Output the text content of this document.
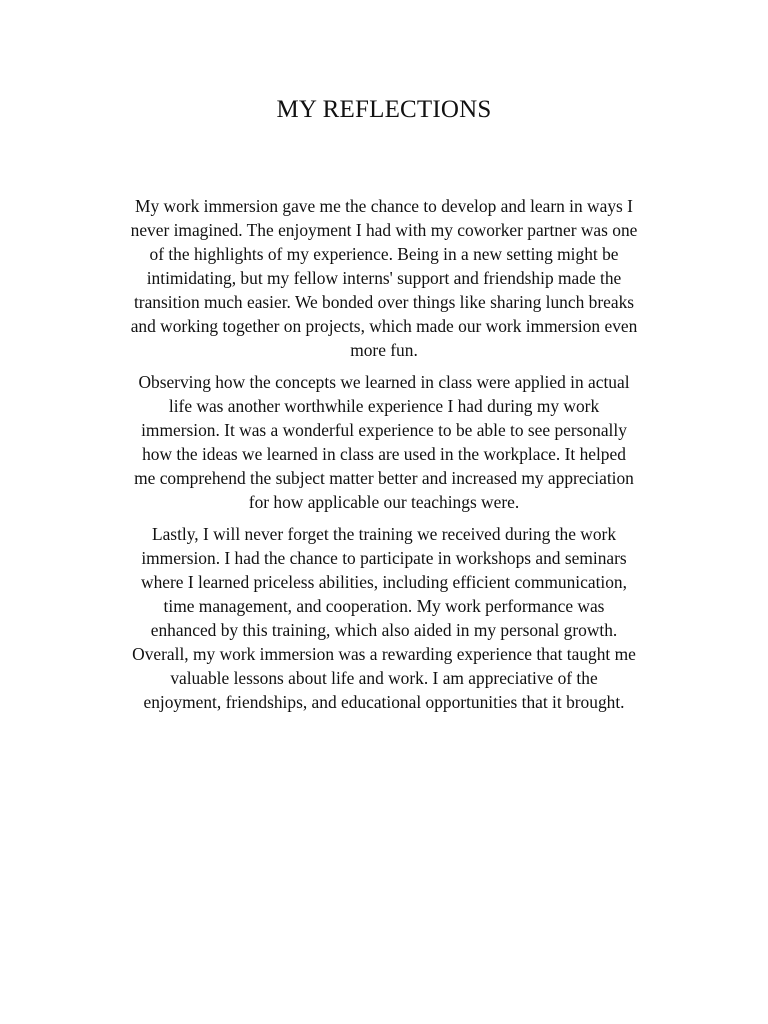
MY REFLECTIONS

My work immersion gave me the chance to develop and learn in ways I
never imagined. The enjoyment I had with my coworker partner was one
of the highlights of my experience. Being in a new setting might be
intimidating, but my fellow interns' support and friendship made the
transition much easier. We bonded over things like sharing lunch breaks
and working together on projects, which made our work immersion even
more fun.

Observing how the concepts we learned in class were applied in actual
life was another worthwhile experience I had during my work
immersion. It was a wonderful experience to be able to see personally
how the ideas we learned in class are used in the workplace. It helped
me comprehend the subject matter better and increased my appreciation
for how applicable our teachings were.

Lastly, I will never forget the training we received during the work
immersion. I had the chance to participate in workshops and seminars
where I learned priceless abilities, including efficient communication,
time management, and cooperation. My work performance was
enhanced by this training, which also aided in my personal growth.
Overall, my work immersion was a rewarding experience that taught me
valuable lessons about life and work. I am appreciative of the
enjoyment, friendships, and educational opportunities that it brought.
